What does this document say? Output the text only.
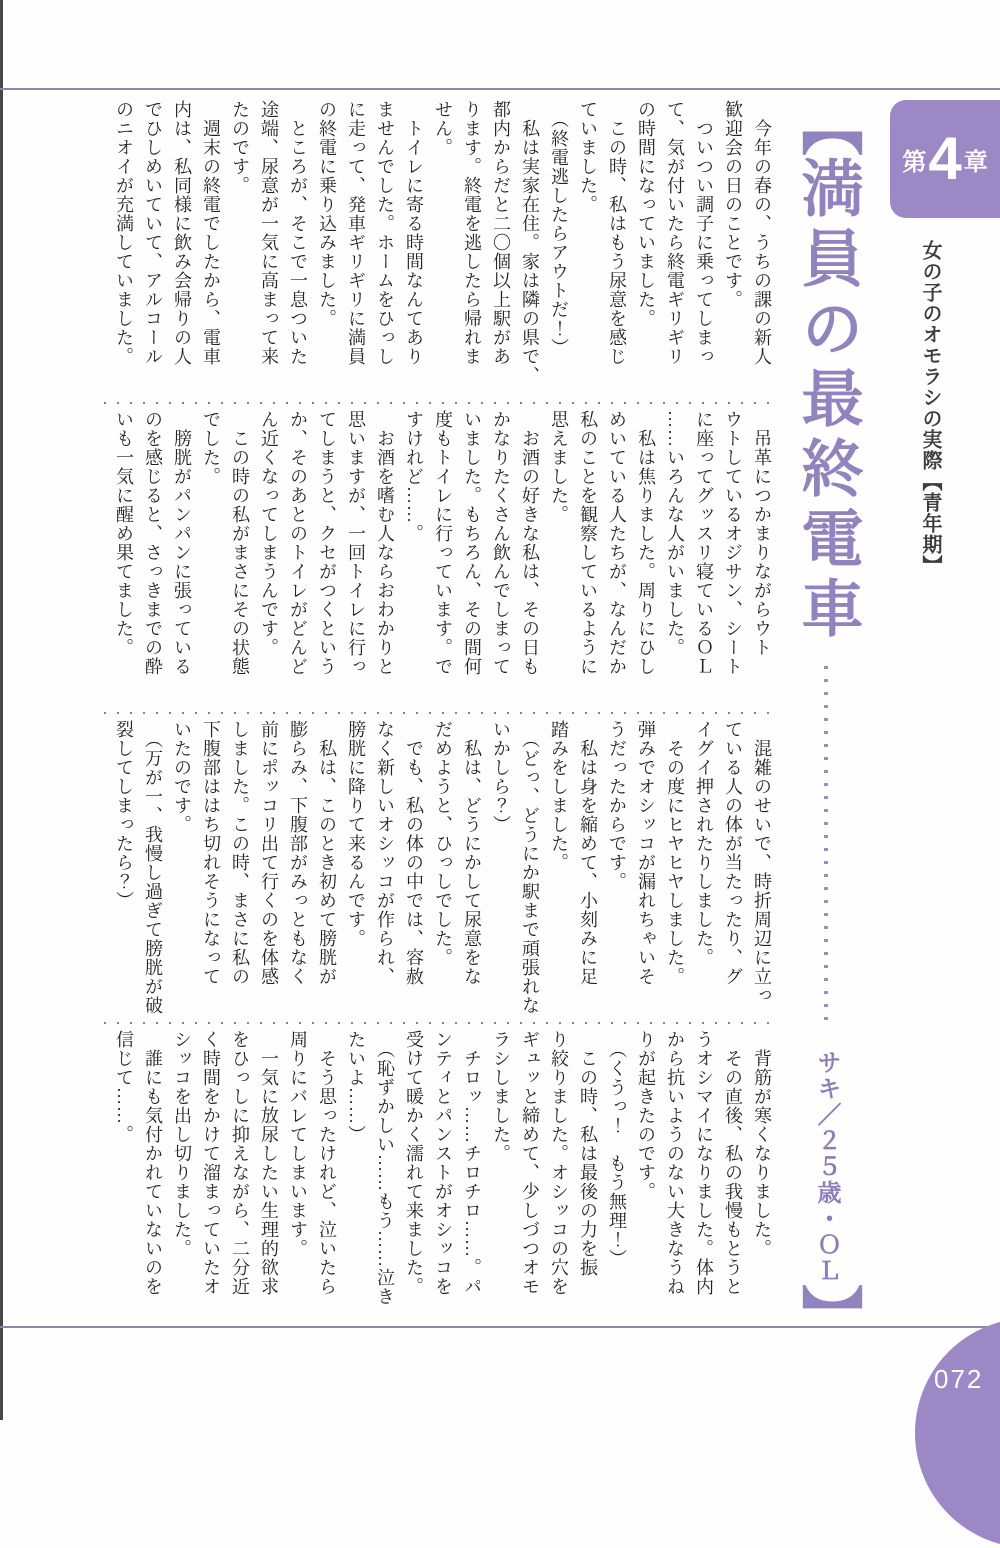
第 4 章
女の子のオモラシの実際【青年期】
【満員の最終電車
サキ／２５歳・ＯＬ】

　今年の春の、うちの課の新人

歓迎会の日のことです。

　ついつい調子に乗ってしまっ

て、気が付いたら終電ギリギリ

の時間になっていました。

　この時、私はもう尿意を感じ

ていました。

　（終電逃したらアウトだ！）

　私は実家在住。家は隣の県で、

都内からだと二〇個以上駅があ

ります。終電を逃したら帰れま

せん。

　トイレに寄る時間なんてあり

ませんでした。ホームをひっし

に走って、発車ギリギリに満員

の終電に乗り込みました。

　ところが、そこで一息ついた

途端、尿意が一気に高まって来

たのです。

　週末の終電でしたから、電車

内は、私同様に飲み会帰りの人

でひしめいていて、アルコール

のニオイが充満していました。

　吊革につかまりながらウト

ウトしているオジサン、シート

に座ってグッスリ寝ているＯＬ

……いろんな人がいました。

　私は焦りました。周りにひし

めいている人たちが、なんだか

私のことを観察しているように

思えました。

　お酒の好きな私は、その日も

かなりたくさん飲んでしまって

いました。もちろん、その間何

度もトイレに行っています。で

すけれど……。

　お酒を嗜む人ならおわかりと

思いますが、一回トイレに行っ

てしまうと、クセがつくという

か、そのあとのトイレがどんど

ん近くなってしまうんです。

　この時の私がまさにその状態

でした。

　膀胱がパンパンに張っている

のを感じると、さっきまでの酔

いも一気に醒め果てました。

　混雑のせいで、時折周辺に立っ

ている人の体が当たったり、グ

イグイ押されたりしました。

　その度にヒヤヒヤしました。

弾みでオシッコが漏れちゃいそ

うだったからです。

　私は身を縮めて、小刻みに足

踏みをしました。

　（どっ、どうにか駅まで頑張れな

いかしら？）

　私は、どうにかして尿意をな

だめようと、ひっしでした。

　でも、私の体の中では、容赦

なく新しいオシッコが作られ、

膀胱に降りて来るんです。

　私は、このとき初めて膀胱が

膨らみ、下腹部がみっともなく

前にポッコリ出て行くのを体感

しました。この時、まさに私の

下腹部ははち切れそうになって

いたのです。

　（万が一、我慢し過ぎて膀胱が破

裂してしまったら？）

　背筋が寒くなりました。

　その直後、私の我慢もとうと

うオシマイになりました。体内

から抗いようのない大きなうね

りが起きたのです。

　（くうっ！　もう無理！）

　この時、私は最後の力を振

り絞りました。オシッコの穴を

ギュッと締めて、少しづつオモ

ラシしました。

　チロッ……チロチロ……。パ

ンティとパンストがオシッコを

受けて暖かく濡れて来ました。

　（恥ずかしい……もう……泣き

たいよ……）

　そう思ったけれど、泣いたら

周りにバレてしまいます。

　一気に放尿したい生理的欲求

をひっしに抑えながら、二分近

く時間をかけて溜まっていたオ

シッコを出し切りました。

　誰にも気付かれていないのを

信じて……。

072
